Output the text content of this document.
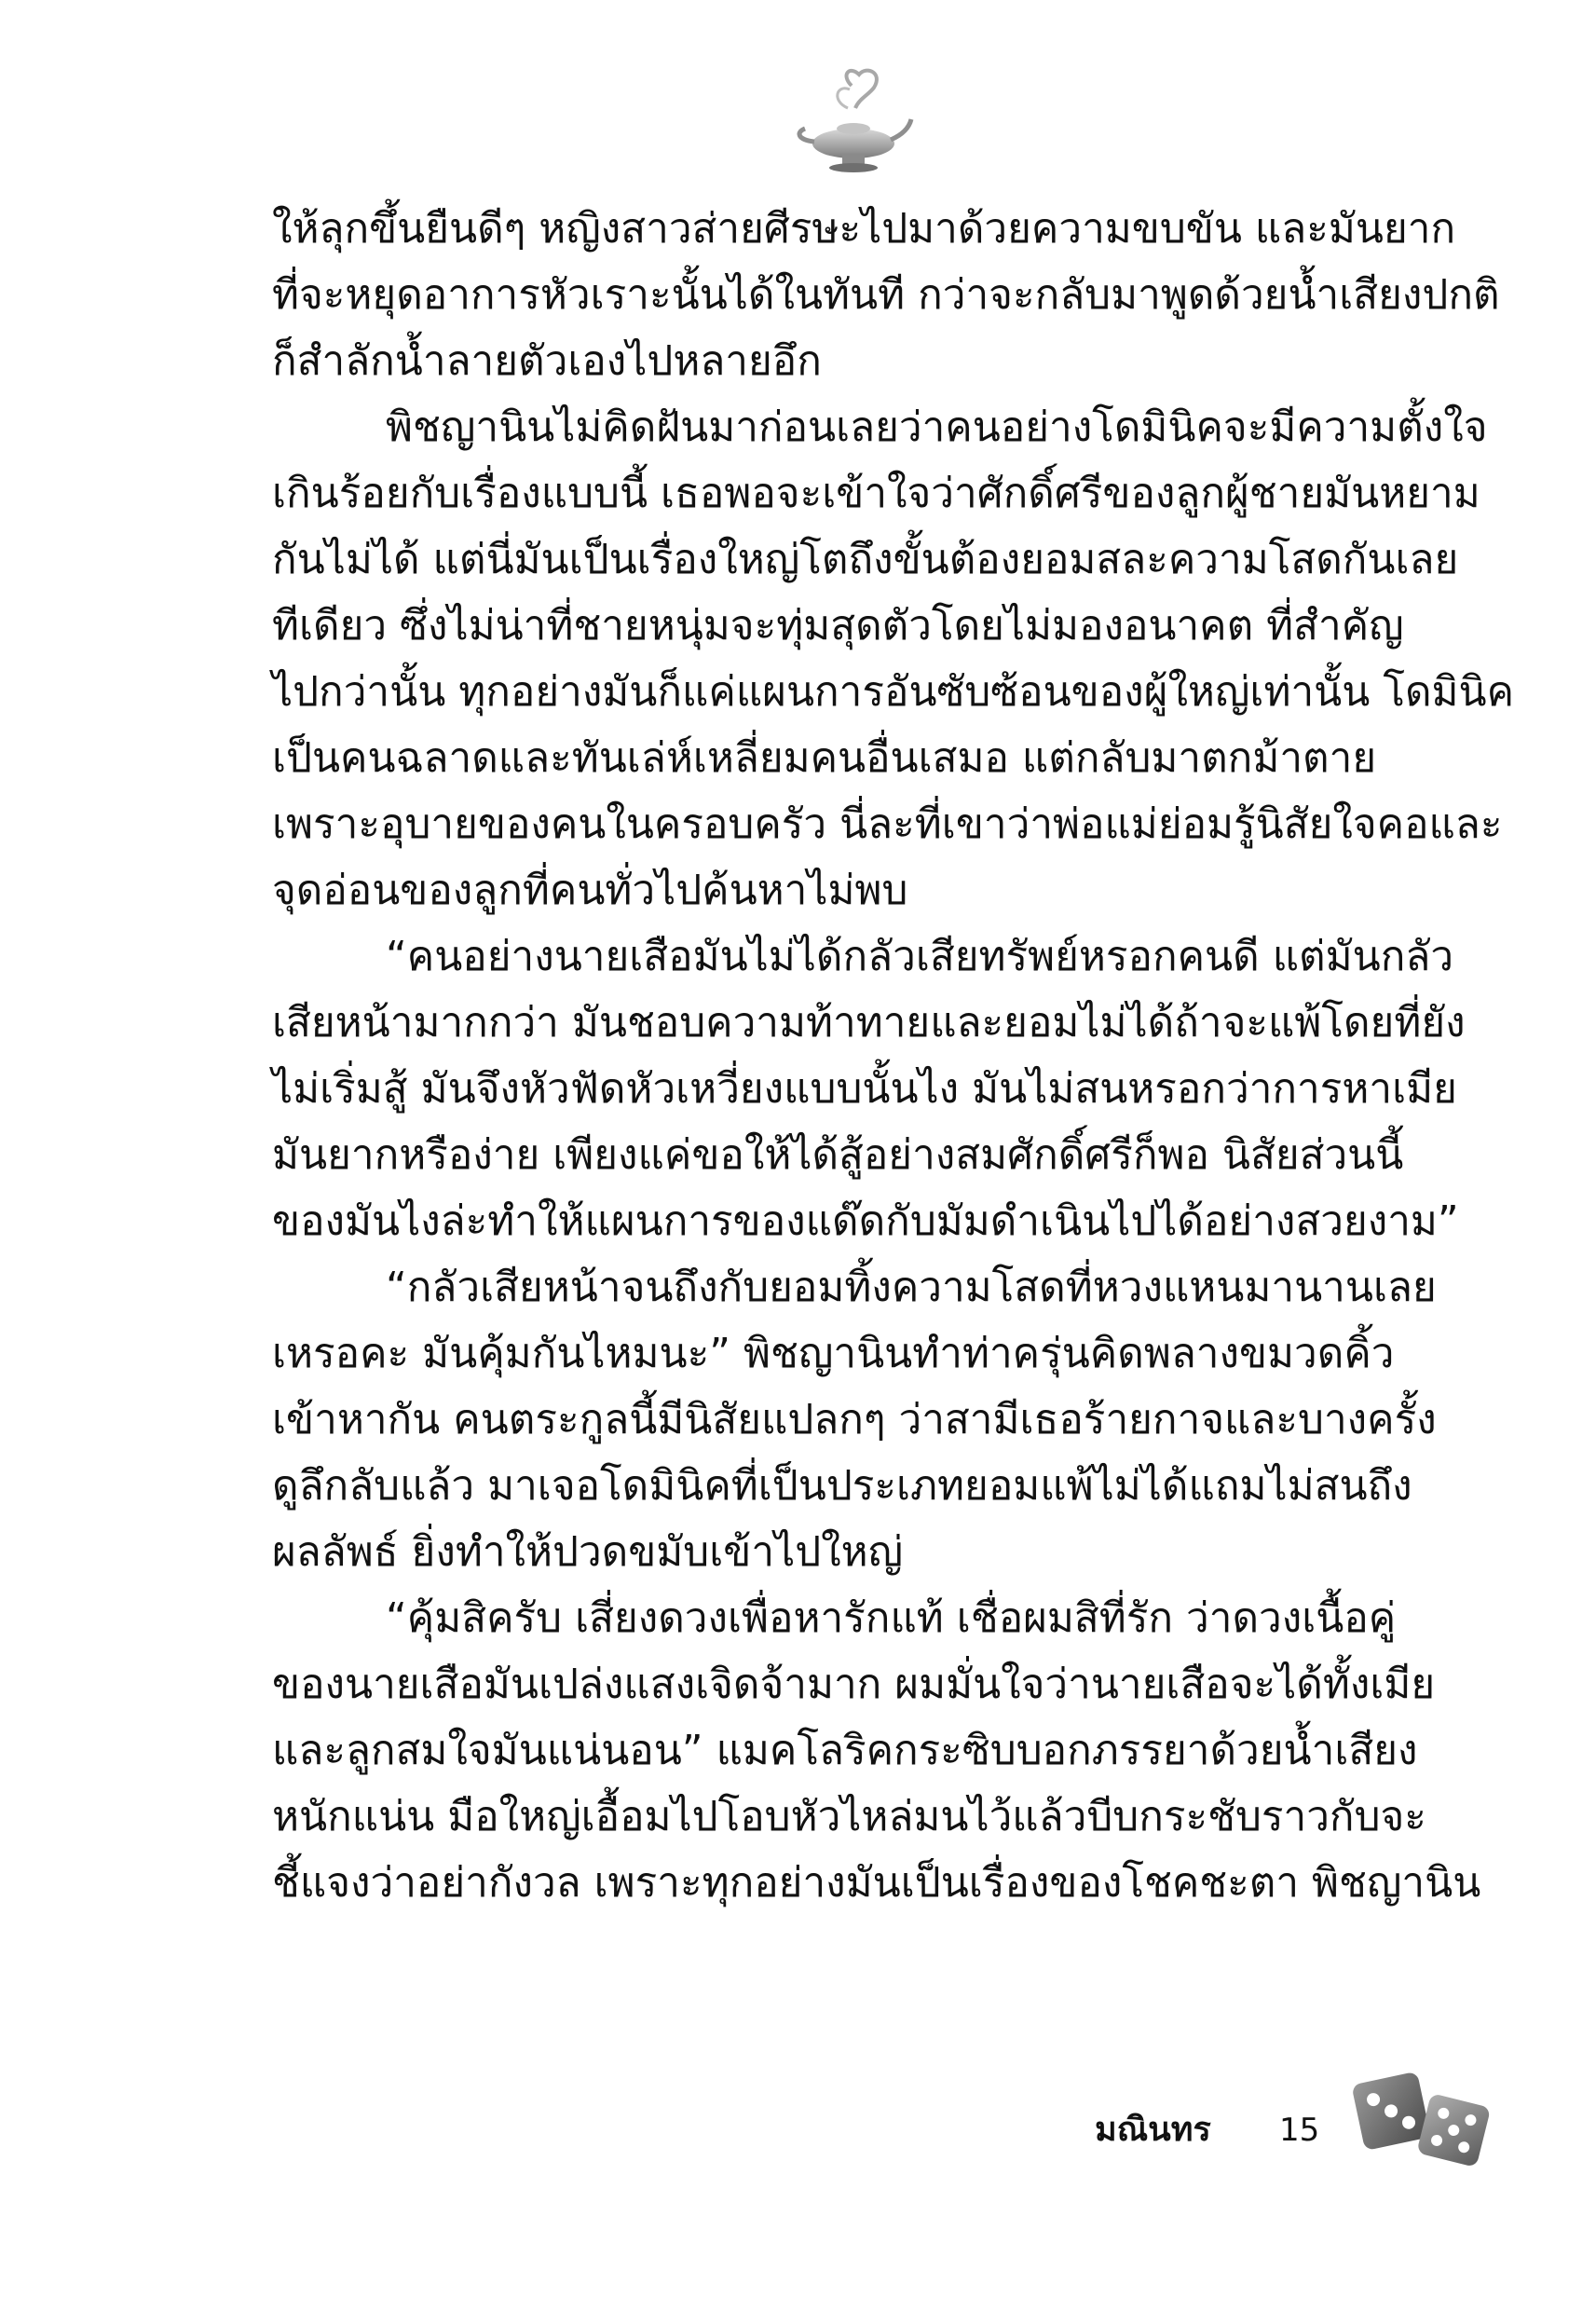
ให้ลุกขึ้นยืนดีๆ หญิงสาวส่ายศีรษะไปมาด้วยความขบขัน และมันยาก
ที่จะหยุดอาการหัวเราะนั้นได้ในทันที กว่าจะกลับมาพูดด้วยน้ำเสียงปกติ
ก็สำลักน้ำลายตัวเองไปหลายอึก
พิชญานินไม่คิดฝันมาก่อนเลยว่าคนอย่างโดมินิคจะมีความตั้งใจ
เกินร้อยกับเรื่องแบบนี้ เธอพอจะเข้าใจว่าศักดิ์ศรีของลูกผู้ชายมันหยาม
กันไม่ได้ แต่นี่มันเป็นเรื่องใหญ่โตถึงขั้นต้องยอมสละความโสดกันเลย
ทีเดียว ซึ่งไม่น่าที่ชายหนุ่มจะทุ่มสุดตัวโดยไม่มองอนาคต ที่สำคัญ
ไปกว่านั้น ทุกอย่างมันก็แค่แผนการอันซับซ้อนของผู้ใหญ่เท่านั้น โดมินิค
เป็นคนฉลาดและทันเล่ห์เหลี่ยมคนอื่นเสมอ แต่กลับมาตกม้าตาย
เพราะอุบายของคนในครอบครัว นี่ละที่เขาว่าพ่อแม่ย่อมรู้นิสัยใจคอและ
จุดอ่อนของลูกที่คนทั่วไปค้นหาไม่พบ
“คนอย่างนายเสือมันไม่ได้กลัวเสียทรัพย์หรอกคนดี แต่มันกลัว
เสียหน้ามากกว่า มันชอบความท้าทายและยอมไม่ได้ถ้าจะแพ้โดยที่ยัง
ไม่เริ่มสู้ มันจึงหัวฟัดหัวเหวี่ยงแบบนั้นไง มันไม่สนหรอกว่าการหาเมีย
มันยากหรือง่าย เพียงแค่ขอให้ได้สู้อย่างสมศักดิ์ศรีก็พอ นิสัยส่วนนี้
ของมันไงล่ะทำให้แผนการของแด๊ดกับมัมดำเนินไปได้อย่างสวยงาม”
“กลัวเสียหน้าจนถึงกับยอมทิ้งความโสดที่หวงแหนมานานเลย
เหรอคะ มันคุ้มกันไหมนะ” พิชญานินทำท่าครุ่นคิดพลางขมวดคิ้ว
เข้าหากัน คนตระกูลนี้มีนิสัยแปลกๆ ว่าสามีเธอร้ายกาจและบางครั้ง
ดูลึกลับแล้ว มาเจอโดมินิคที่เป็นประเภทยอมแพ้ไม่ได้แถมไม่สนถึง
ผลลัพธ์ ยิ่งทำให้ปวดขมับเข้าไปใหญ่
“คุ้มสิครับ เสี่ยงดวงเพื่อหารักแท้ เชื่อผมสิที่รัก ว่าดวงเนื้อคู่
ของนายเสือมันเปล่งแสงเจิดจ้ามาก ผมมั่นใจว่านายเสือจะได้ทั้งเมีย
และลูกสมใจมันแน่นอน” แมคโลริคกระซิบบอกภรรยาด้วยน้ำเสียง
หนักแน่น มือใหญ่เอื้อมไปโอบหัวไหล่มนไว้แล้วบีบกระชับราวกับจะ
ชี้แจงว่าอย่ากังวล เพราะทุกอย่างมันเป็นเรื่องของโชคชะตา พิชญานิน
มณินทร 15
